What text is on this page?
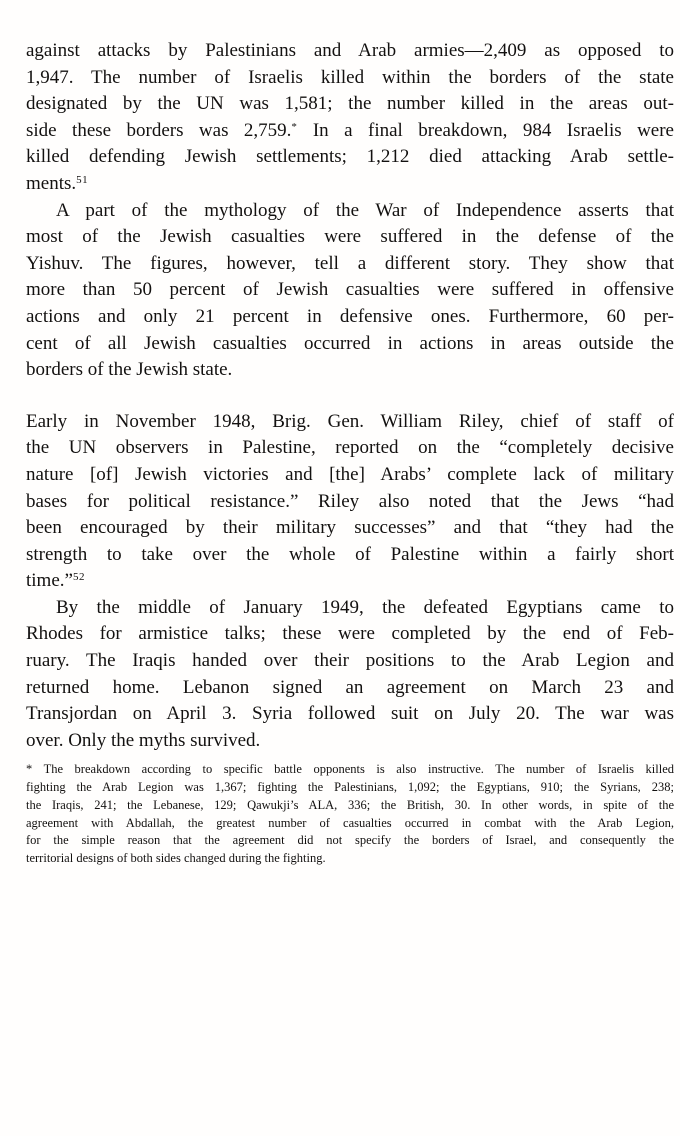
against attacks by Palestinians and Arab armies—2,409 as opposed to
1,947. The number of Israelis killed within the borders of the state
designated by the UN was 1,581; the number killed in the areas out-
side these borders was 2,759.* In a final breakdown, 984 Israelis were
killed defending Jewish settlements; 1,212 died attacking Arab settle-
ments.$^{51}$
A part of the mythology of the War of Independence asserts that
most of the Jewish casualties were suffered in the defense of the
Yishuv. The figures, however, tell a different story. They show that
more than 50 percent of Jewish casualties were suffered in offensive
actions and only 21 percent in defensive ones. Furthermore, 60 per-
cent of all Jewish casualties occurred in actions in areas outside the
borders of the Jewish state.
Early in November 1948, Brig. Gen. William Riley, chief of staff of
the UN observers in Palestine, reported on the “completely decisive
nature [of] Jewish victories and [the] Arabs’ complete lack of military
bases for political resistance.” Riley also noted that the Jews “had
been encouraged by their military successes” and that “they had the
strength to take over the whole of Palestine within a fairly short
time.”$^{52}$
By the middle of January 1949, the defeated Egyptians came to
Rhodes for armistice talks; these were completed by the end of Feb-
ruary. The Iraqis handed over their positions to the Arab Legion and
returned home. Lebanon signed an agreement on March 23 and
Transjordan on April 3. Syria followed suit on July 20. The war was
over. Only the myths survived.
* The breakdown according to specific battle opponents is also instructive. The number of Israelis killed
fighting the Arab Legion was 1,367; fighting the Palestinians, 1,092; the Egyptians, 910; the Syrians, 238;
the Iraqis, 241; the Lebanese, 129; Qawukji’s ALA, 336; the British, 30. In other words, in spite of the
agreement with Abdallah, the greatest number of casualties occurred in combat with the Arab Legion,
for the simple reason that the agreement did not specify the borders of Israel, and consequently the
territorial designs of both sides changed during the fighting.
